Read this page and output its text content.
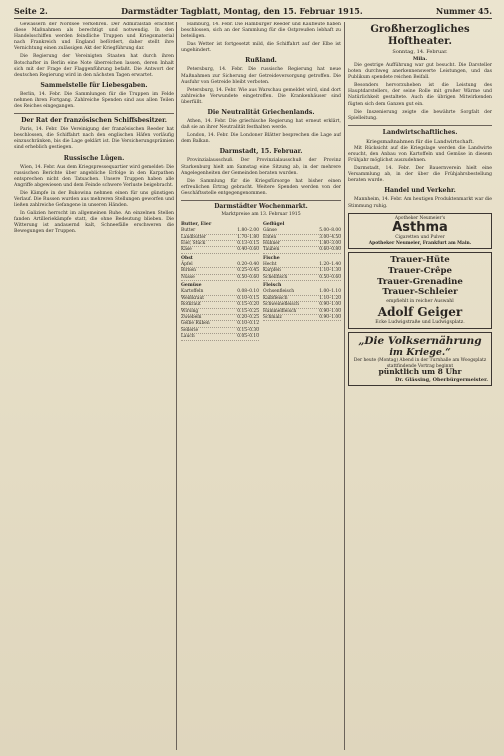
Seite 2.	Darmstädter Tagblatt, Montag, den 15. Februar 1915.	Nummer 45.

Gewässern der Nordsee verkehren. Der Admiralstab erachtet diese Maßnahmen als berechtigt und notwendig. In den Handelsschiffen werden feindliche Truppen und Kriegsmaterial nach Frankreich und England befördert, daher stellt ihre Vernichtung einen zulässigen Akt der Kriegführung dar.

Die Regierung der Vereinigten Staaten hat durch ihren Botschafter in Berlin eine Note überreichen lassen, deren Inhalt sich mit der Frage der Flaggenführung befaßt. Die Antwort der deutschen Regierung wird in den nächsten Tagen erwartet.

Sammelstelle für Liebesgaben.

Berlin, 14. Febr. Die Sammlungen für die Truppen im Felde nehmen ihren Fortgang. Zahlreiche Spenden sind aus allen Teilen des Reiches eingegangen.

Der Rat der französischen Schiffsbesitzer.

Paris, 14. Febr. Die Vereinigung der französischen Reeder hat beschlossen, die Schiffahrt nach den englischen Häfen vorläufig einzuschränken, bis die Lage geklärt ist. Die Versicherungsprämien sind erheblich gestiegen.

Russische Lügen.

Wien, 14. Febr. Aus dem Kriegspressequartier wird gemeldet: Die russischen Berichte über angebliche Erfolge in den Karpathen entsprechen nicht den Tatsachen. Unsere Truppen haben alle Angriffe abgewiesen und dem Feinde schwere Verluste beigebracht.

Die Kämpfe in der Bukowina nehmen einen für uns günstigen Verlauf. Die Russen wurden aus mehreren Stellungen geworfen und ließen zahlreiche Gefangene in unseren Händen.

In Galizien herrscht im allgemeinen Ruhe. An einzelnen Stellen fanden Artilleriekämpfe statt, die ohne Bedeutung blieben. Die Witterung ist andauernd kalt, Schneefälle erschweren die Bewegungen der Truppen.

Hamburg, 14. Febr. Die Hamburger Reeder und Kaufleute haben beschlossen, sich an der Sammlung für die Ostpreußen lebhaft zu beteiligen.

Das Wetter ist fortgesetzt mild, die Schiffahrt auf der Elbe ist ungehindert.

Rußland.

Petersburg, 14. Febr. Die russische Regierung hat neue Maßnahmen zur Sicherung der Getreideversorgung getroffen. Die Ausfuhr von Getreide bleibt verboten.

Petersburg, 14. Febr. Wie aus Warschau gemeldet wird, sind dort zahlreiche Verwundete eingetroffen. Die Krankenhäuser sind überfüllt.

Die Neutralität Griechenlands.

Athen, 14. Febr. Die griechische Regierung hat erneut erklärt, daß sie an ihrer Neutralität festhalten werde.

London, 14. Febr. Die Londoner Blätter besprechen die Lage auf dem Balkan.

Darmstadt, 15. Februar.

Provinzialausschuß. Der Provinzialausschuß der Provinz Starkenburg hielt am Samstag eine Sitzung ab, in der mehrere Angelegenheiten der Gemeinden beraten wurden.

Die Sammlung für die Kriegsfürsorge hat bisher einen erfreulichen Ertrag gebracht. Weitere Spenden werden von der Geschäftsstelle entgegengenommen.

Darmstädter Wochenmarkt.
Marktpreise am 13. Februar 1915
Butter, Eier
Butter	1.80–2.00
Landbutter	1.70–1.80
Eier, Stück	0.13–0.15
Käse	0.40–0.60
Obst
Äpfel	0.20–0.40
Birnen	0.25–0.45
Nüsse	0.50–0.60
Gemüse
Kartoffeln	0.08–0.10
Weißkraut	0.10–0.15
Rotkraut	0.15–0.20
Wirsing	0.15–0.25
Zwiebeln	0.20–0.25
Gelbe Rüben	0.10–0.12
Sellerie	0.15–0.30
Lauch	0.05–0.10
Geflügel
Gänse	5.00–8.00
Enten	3.00–4.50
Hühner	1.80–3.00
Tauben	0.60–0.80
Fische
Hecht	1.20–1.40
Karpfen	1.10–1.30
Schellfisch	0.50–0.60
Fleisch
Ochsenfleisch	1.00–1.10
Kalbfleisch	1.10–1.20
Schweinefleisch	0.90–1.00
Hammelfleisch	0.90–1.00
Schmalz	0.90–1.00
Großherzogliches Hoftheater.
Sonntag, 14. Februar.
Mila.

Die gestrige Aufführung war gut besucht. Die Darsteller boten durchweg anerkennenswerte Leistungen, und das Publikum spendete reichen Beifall.

Besonders hervorzuheben ist die Leistung des Hauptdarstellers, der seine Rolle mit großer Wärme und Natürlichkeit gestaltete. Auch die übrigen Mitwirkenden fügten sich dem Ganzen gut ein.

Die Inszenierung zeigte die bewährte Sorgfalt der Spielleitung.

Landwirtschaftliches.
Kriegsmaßnahmen für die Landwirtschaft.

Mit Rücksicht auf die Kriegslage werden die Landwirte ersucht, den Anbau von Kartoffeln und Gemüse in diesem Frühjahr möglichst auszudehnen.

Darmstadt, 14. Febr. Der Bauernverein hielt eine Versammlung ab, in der über die Frühjahrsbestellung beraten wurde.

Handel und Verkehr.

Mannheim, 14. Febr. Am heutigen Produktenmarkt war die Stimmung ruhig.

Apotheker Neumeier's
Asthma
Cigaretten und Pulver
Apotheker Neumeier, Frankfurt am Main.
Trauer-Hüte
Trauer-Crêpe
Trauer-Grenadine
Trauer-Schleier
empfiehlt in reicher Auswahl
Adolf Geiger
Ecke Ludwigstraße und Ludwigsplatz.
„Die Volksernährung
im Kriege.“
Der heute (Montag) Abend in der Turnhalle am Woogsplatz stattfindende Vortrag beginnt
pünktlich um 8 Uhr
Dr. Glässing, Oberbürgermeister.
